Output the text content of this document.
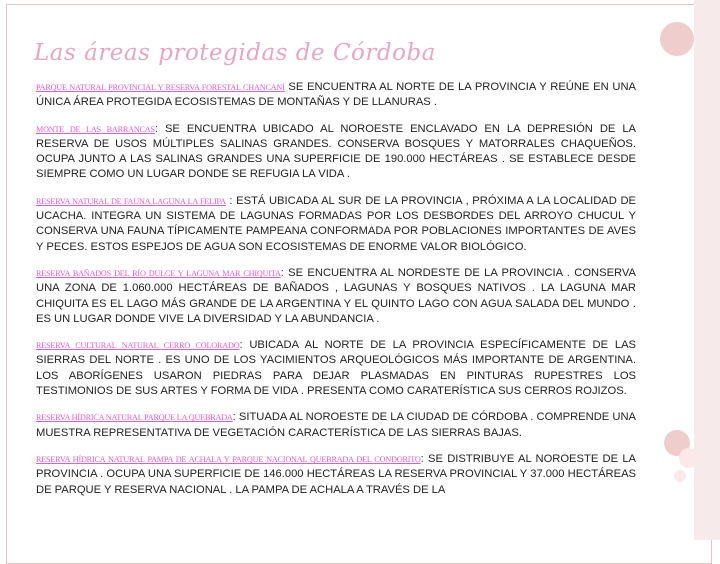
Las áreas protegidas de Córdoba

PARQUE NATURAL PROVINCIAL Y RESERVA FORESTAL CHANCANÍ SE ENCUENTRA AL NORTE DE LA PROVINCIA Y REÚNE EN UNA ÚNICA ÁREA PROTEGIDA ECOSISTEMAS DE MONTAÑAS Y DE LLANURAS .

MONTE DE LAS BARRANCAS: SE ENCUENTRA UBICADO AL NOROESTE ENCLAVADO EN LA DEPRESIÓN DE LA RESERVA DE USOS MÚLTIPLES SALINAS GRANDES. CONSERVA BOSQUES Y MATORRALES CHAQUEÑOS. OCUPA JUNTO A LAS SALINAS GRANDES UNA SUPERFICIE DE 190.000 HECTÁREAS . SE ESTABLECE DESDE SIEMPRE COMO UN LUGAR DONDE SE REFUGIA LA VIDA .

RESERVA NATURAL DE FAUNA LAGUNA LA FELIPA : ESTÁ UBICADA AL SUR DE LA PROVINCIA , PRÓXIMA A LA LOCALIDAD DE UCACHA. INTEGRA UN SISTEMA DE LAGUNAS FORMADAS POR LOS DESBORDES DEL ARROYO CHUCUL Y CONSERVA UNA FAUNA TÍPICAMENTE PAMPEANA CONFORMADA POR POBLACIONES IMPORTANTES DE AVES Y PECES. ESTOS ESPEJOS DE AGUA SON ECOSISTEMAS DE ENORME VALOR BIOLÓGICO.

RESERVA BAÑADOS DEL RÍO DULCE Y LAGUNA MAR CHIQUITA: SE ENCUENTRA AL NORDESTE DE LA PROVINCIA . CONSERVA UNA ZONA DE 1.060.000 HECTÁREAS DE BAÑADOS , LAGUNAS Y BOSQUES NATIVOS . LA LAGUNA MAR CHIQUITA ES EL LAGO MÁS GRANDE DE LA ARGENTINA Y EL QUINTO LAGO CON AGUA SALADA DEL MUNDO . ES UN LUGAR DONDE VIVE LA DIVERSIDAD Y LA ABUNDANCIA .

RESERVA CULTURAL NATURAL CERRO COLORADO: UBICADA AL NORTE DE LA PROVINCIA ESPECÍFICAMENTE DE LAS SIERRAS DEL NORTE . ES UNO DE LOS YACIMIENTOS ARQUEOLÓGICOS MÁS IMPORTANTE DE ARGENTINA. LOS ABORÍGENES USARON PIEDRAS PARA DEJAR PLASMADAS EN PINTURAS RUPESTRES LOS TESTIMONIOS DE SUS ARTES Y FORMA DE VIDA . PRESENTA COMO CARATERÍSTICA SUS CERROS ROJIZOS.

RESERVA HÍDRICA NATURAL PARQUE LA QUEBRADA: SITUADA AL NOROESTE DE LA CIUDAD DE CÓRDOBA . COMPRENDE UNA MUESTRA REPRESENTATIVA DE VEGETACIÓN CARACTERÍSTICA DE LAS SIERRAS BAJAS.

RESERVA HÍDRICA NATURAL PAMPA DE ACHALA Y PARQUE NACIONAL QUEBRADA DEL CONDORITO: SE DISTRIBUYE AL NOROESTE DE LA PROVINCIA . OCUPA UNA SUPERFICIE DE 146.000 HECTÁREAS LA RESERVA PROVINCIAL Y 37.000 HECTÁREAS DE PARQUE Y RESERVA NACIONAL . LA PAMPA DE ACHALA A TRAVÉS DE LA
